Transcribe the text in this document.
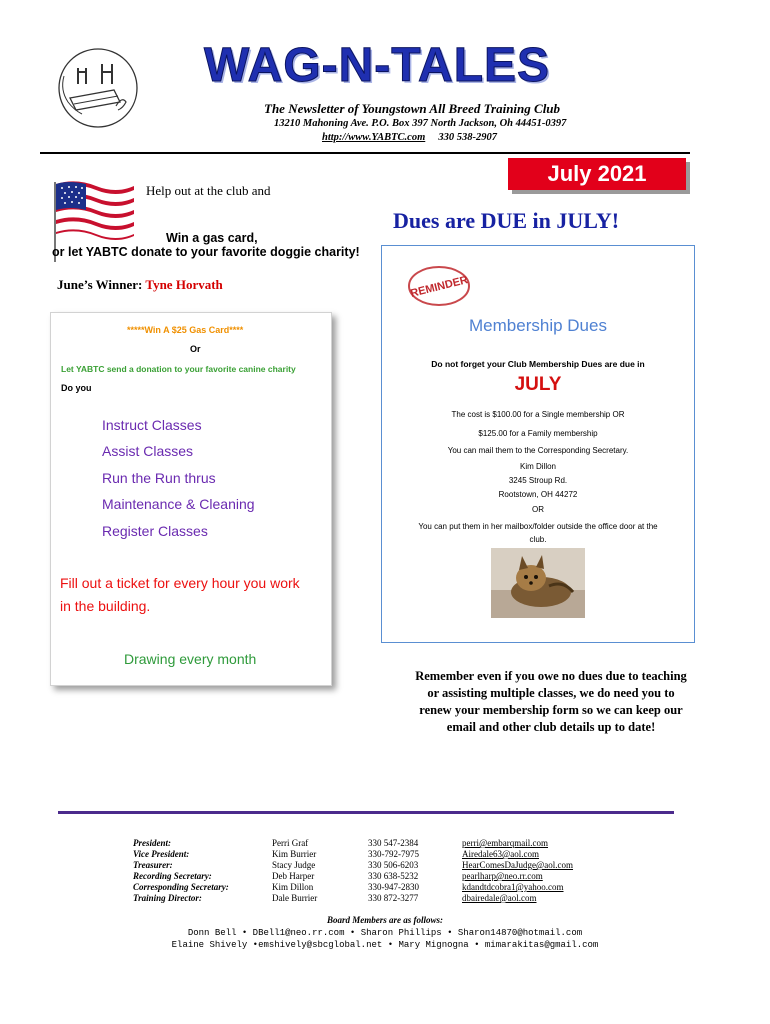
WAG-N-TALES
The Newsletter of Youngstown All Breed Training Club
13210 Mahoning Ave. P.O. Box 397 North Jackson, Oh 44451-0397
http://www.YABTC.com 330 538-2907
July 2021
Help out at the club and
Win a gas card,
or let YABTC donate to your favorite doggie charity!
June’s Winner: Tyne Horvath
*****Win A $25 Gas Card****
Or
Let YABTC send a donation to your favorite canine charity
Do you
Instruct Classes
Assist Classes
Run the Run thrus
Maintenance & Cleaning
Register Classes
Fill out a ticket for every hour you work
in the building.
Drawing every month
Dues are DUE in JULY!
REMINDER
Membership Dues
Do not forget your Club Membership Dues are due in
JULY
The cost is $100.00 for a Single membership OR
$125.00 for a Family membership
You can mail them to the Corresponding Secretary.
Kim Dillon
3245 Stroup Rd.
Rootstown, OH 44272
OR
You can put them in her mailbox/folder outside the office door at the
club.
Remember even if you owe no dues due to teaching
or assisting multiple classes, we do need you to
renew your membership form so we can keep our
email and other club details up to date!
President:	Perri Graf	330 547-2384	perri@embarqmail.com
Vice President:	Kim Burrier	330-792-7975	Airedale63@aol.com
Treasurer:	Stacy Judge	330 506-6203	HearComesDaJudge@aol.com
Recording Secretary:	Deb Harper	330 638-5232	pearlharp@neo.rr.com
Corresponding Secretary:	Kim Dillon	330-947-2830	kdandtdcobra1@yahoo.com
Training Director:	Dale Burrier	330 872-3277	dbairedale@aol.com
Board Members are as follows:
Donn Bell • DBell1@neo.rr.com • Sharon Phillips • Sharon14870@hotmail.com
Elaine Shively •emshively@sbcglobal.net • Mary Mignogna • mimarakitas@gmail.com
